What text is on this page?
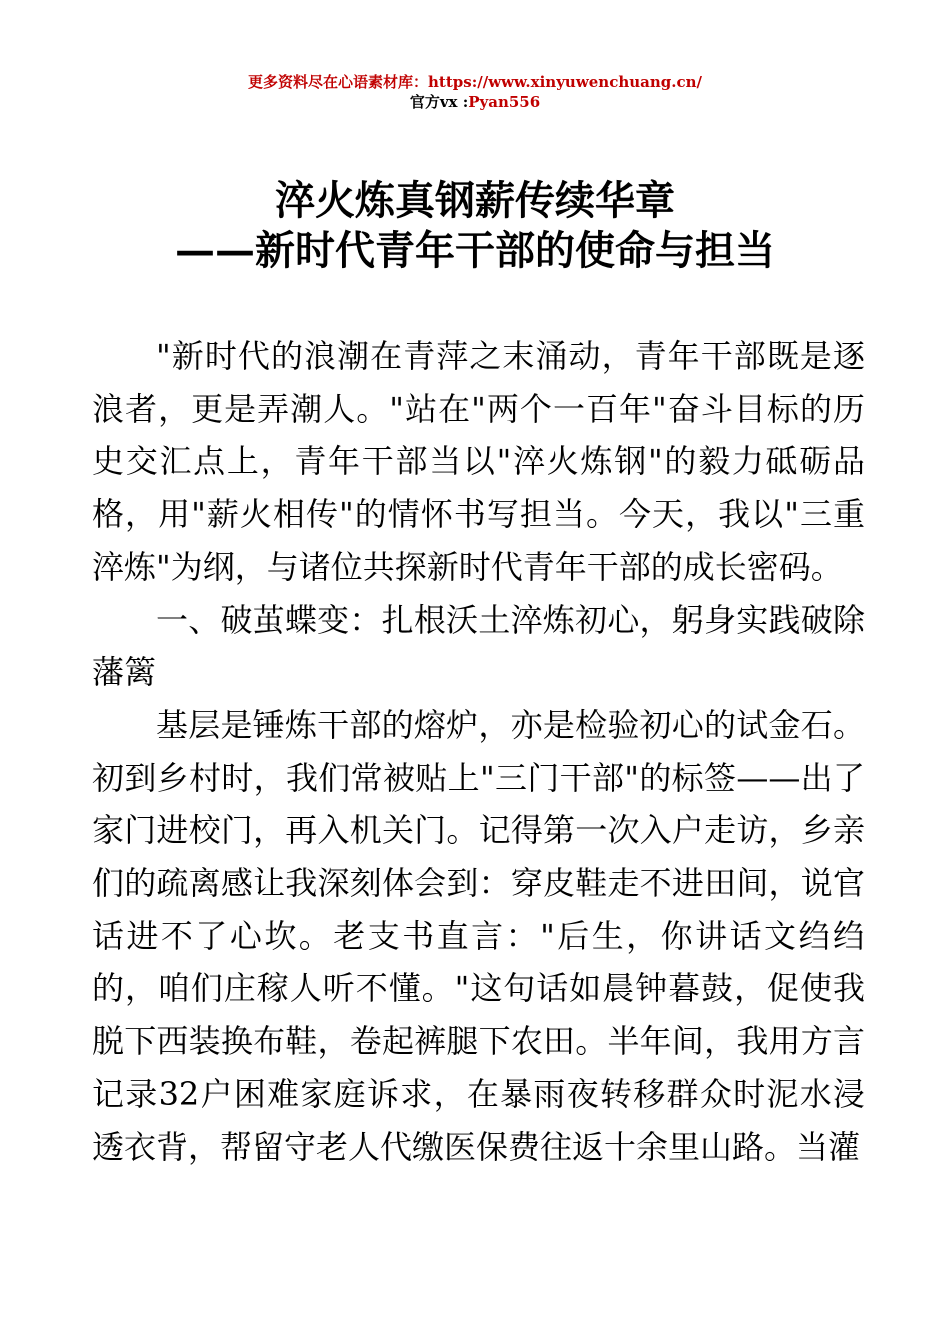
更多资料尽在心语素材库：https://www.xinyuwenchuang.cn/
官方vx :Pyan556
淬火炼真钢薪传续华章
——新时代青年干部的使命与担当

"新时代的浪潮在青萍之末涌动，青年干部既是逐浪者，更是弄潮人。"站在"两个一百年"奋斗目标的历史交汇点上，青年干部当以"淬火炼钢"的毅力砥砺品格，用"薪火相传"的情怀书写担当。今天，我以"三重淬炼"为纲，与诸位共探新时代青年干部的成长密码。

一、破茧蝶变：扎根沃土淬炼初心，躬身实践破除藩篱

基层是锤炼干部的熔炉，亦是检验初心的试金石。初到乡村时，我们常被贴上"三门干部"的标签——出了家门进校门，再入机关门。记得第一次入户走访，乡亲们的疏离感让我深刻体会到：穿皮鞋走不进田间，说官话进不了心坎。老支书直言："后生，你讲话文绉绉的，咱们庄稼人听不懂。"这句话如晨钟暮鼓，促使我脱下西装换布鞋，卷起裤腿下农田。半年间，我用方言记录32户困难家庭诉求，在暴雨夜转移群众时泥水浸透衣背，帮留守老人代缴医保费往返十余里山路。当灌
